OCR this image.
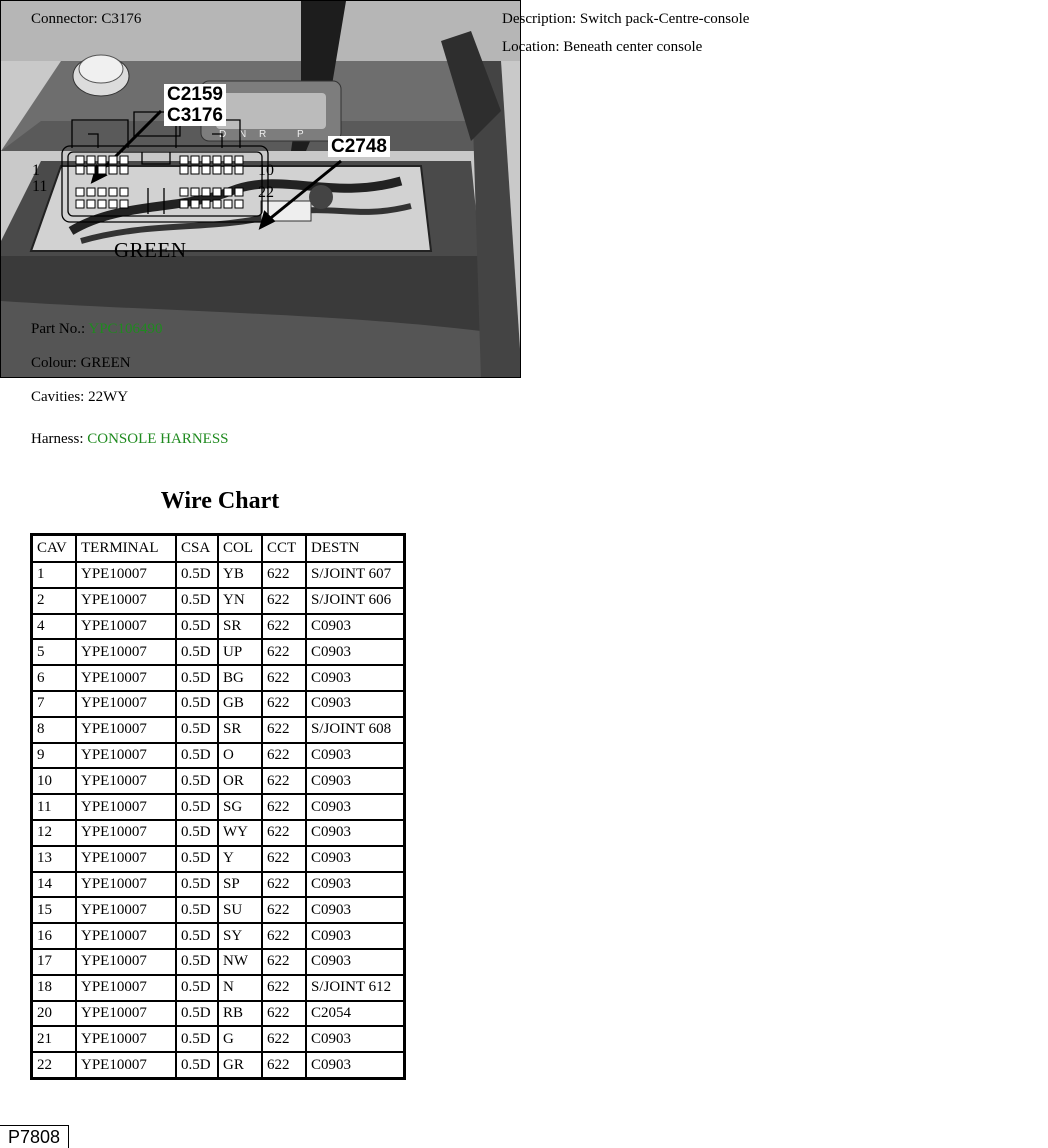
Connector: C3176	Description: Switch pack-Centre-console
Location: Beneath center console
1
11
10
22
GREEN
Part No.: YPC106490
Colour: GREEN
Cavities: 22WY
Harness: CONSOLE HARNESS
D N R	P
C2159
C3176
C2748
P7808
Wire Chart
CAV	TERMINAL	CSA	COL	CCT	DESTN
1	YPE10007	0.5D	YB	622	S/JOINT 607
2	YPE10007	0.5D	YN	622	S/JOINT 606
4	YPE10007	0.5D	SR	622	C0903
5	YPE10007	0.5D	UP	622	C0903
6	YPE10007	0.5D	BG	622	C0903
7	YPE10007	0.5D	GB	622	C0903
8	YPE10007	0.5D	SR	622	S/JOINT 608
9	YPE10007	0.5D	O	622	C0903
10	YPE10007	0.5D	OR	622	C0903
11	YPE10007	0.5D	SG	622	C0903
12	YPE10007	0.5D	WY	622	C0903
13	YPE10007	0.5D	Y	622	C0903
14	YPE10007	0.5D	SP	622	C0903
15	YPE10007	0.5D	SU	622	C0903
16	YPE10007	0.5D	SY	622	C0903
17	YPE10007	0.5D	NW	622	C0903
18	YPE10007	0.5D	N	622	S/JOINT 612
20	YPE10007	0.5D	RB	622	C2054
21	YPE10007	0.5D	G	622	C0903
22	YPE10007	0.5D	GR	622	C0903
